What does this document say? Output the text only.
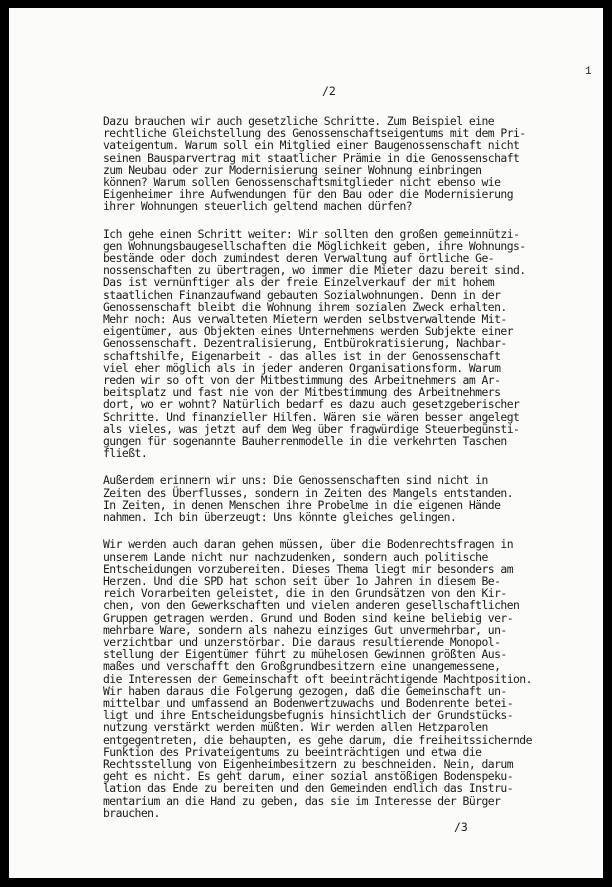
1
/2
Dazu brauchen wir auch gesetzliche Schritte. Zum Beispiel eine
rechtliche Gleichstellung des Genossenschaftseigentums mit dem Pri-
vateigentum. Warum soll ein Mitglied einer Baugenossenschaft nicht
seinen Bausparvertrag mit staatlicher Prämie in die Genossenschaft
zum Neubau oder zur Modernisierung seiner Wohnung einbringen
können? Warum sollen Genossenschaftsmitglieder nicht ebenso wie
Eigenheimer ihre Aufwendungen für den Bau oder die Modernisierung
ihrer Wohnungen steuerlich geltend machen dürfen?
Ich gehe einen Schritt weiter: Wir sollten den großen gemeinnützi-
gen Wohnungsbaugesellschaften die Möglichkeit geben, ihre Wohnungs-
bestände oder doch zumindest deren Verwaltung auf örtliche Ge-
nossenschaften zu übertragen, wo immer die Mieter dazu bereit sind.
Das ist vernünftiger als der freie Einzelverkauf der mit hohem
staatlichen Finanzaufwand gebauten Sozialwohnungen. Denn in der
Genossenschaft bleibt die Wohnung ihrem sozialen Zweck erhalten.
Mehr noch: Aus verwalteten Mietern werden selbstverwaltende Mit-
eigentümer, aus Objekten eines Unternehmens werden Subjekte einer
Genossenschaft. Dezentralisierung, Entbürokratisierung, Nachbar-
schaftshilfe, Eigenarbeit - das alles ist in der Genossenschaft
viel eher möglich als in jeder anderen Organisationsform. Warum
reden wir so oft von der Mitbestimmung des Arbeitnehmers am Ar-
beitsplatz und fast nie von der Mitbestimmung des Arbeitnehmers
dort, wo er wohnt? Natürlich bedarf es dazu auch gesetzgeberischer
Schritte. Und finanzieller Hilfen. Wären sie wären besser angelegt
als vieles, was jetzt auf dem Weg über fragwürdige Steuerbegünsti-
gungen für sogenannte Bauherrenmodelle in die verkehrten Taschen
fließt.
Außerdem erinnern wir uns: Die Genossenschaften sind nicht in
Zeiten des Überflusses, sondern in Zeiten des Mangels entstanden.
In Zeiten, in denen Menschen ihre Probelme in die eigenen Hände
nahmen. Ich bin überzeugt: Uns könnte gleiches gelingen.
Wir werden auch daran gehen müssen, über die Bodenrechtsfragen in
unserem Lande nicht nur nachzudenken, sondern auch politische
Entscheidungen vorzubereiten. Dieses Thema liegt mir besonders am
Herzen. Und die SPD hat schon seit über 1o Jahren in diesem Be-
reich Vorarbeiten geleistet, die in den Grundsätzen von den Kir-
chen, von den Gewerkschaften und vielen anderen gesellschaftlichen
Gruppen getragen werden. Grund und Boden sind keine beliebig ver-
mehrbare Ware, sondern als nahezu einziges Gut unvermehrbar, un-
verzichtbar und unzerstörbar. Die daraus resultierende Monopol-
stellung der Eigentümer führt zu mühelosen Gewinnen größten Aus-
maßes und verschafft den Großgrundbesitzern eine unangemessene,
die Interessen der Gemeinschaft oft beeinträchtigende Machtposition.
Wir haben daraus die Folgerung gezogen, daß die Gemeinschaft un-
mittelbar und umfassend an Bodenwertzuwachs und Bodenrente betei-
ligt und ihre Entscheidungsbefugnis hinsichtlich der Grundstücks-
nutzung verstärkt werden müßten. Wir werden allen Hetzparolen
entgegentreten, die behaupten, es gehe darum, die freiheitssichernde
Funktion des Privateigentums zu beeinträchtigen und etwa die
Rechtsstellung von Eigenheimbesitzern zu beschneiden. Nein, darum
geht es nicht. Es geht darum, einer sozial anstößigen Bodenspeku-
lation das Ende zu bereiten und den Gemeinden endlich das Instru-
mentarium an die Hand zu geben, das sie im Interesse der Bürger
brauchen.
/3
